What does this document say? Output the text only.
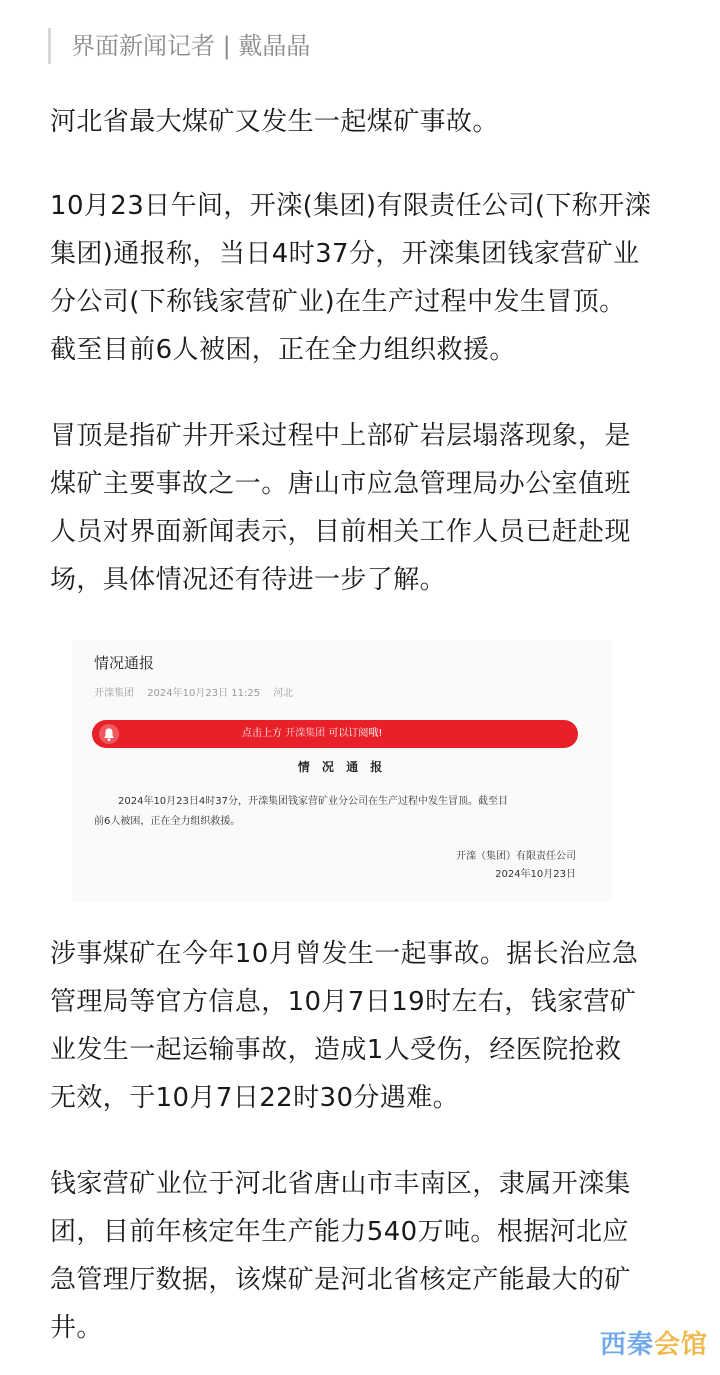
界面新闻记者 | 戴晶晶
河北省最大煤矿又发生一起煤矿事故。
10月23日午间，开滦(集团)有限责任公司(下称开滦
集团)通报称，当日4时37分，开滦集团钱家营矿业
分公司(下称钱家营矿业)在生产过程中发生冒顶。
截至目前6人被困，正在全力组织救援。
冒顶是指矿井开采过程中上部矿岩层塌落现象，是
煤矿主要事故之一。唐山市应急管理局办公室值班
人员对界面新闻表示，目前相关工作人员已赶赴现
场，具体情况还有待进一步了解。
情况通报
开滦集团 2024年10月23日 11:25 河北
点击上方 开滦集团 可以订阅哦!
情 况 通 报
2024年10月23日4时37分，开滦集团钱家营矿业分公司在生产过程中发生冒顶。截至目
前6人被困，正在全力组织救援。
开滦（集团）有限责任公司
2024年10月23日
涉事煤矿在今年10月曾发生一起事故。据长治应急
管理局等官方信息，10月7日19时左右，钱家营矿
业发生一起运输事故，造成1人受伤，经医院抢救
无效，于10月7日22时30分遇难。
钱家营矿业位于河北省唐山市丰南区，隶属开滦集
团，目前年核定年生产能力540万吨。根据河北应
急管理厅数据，该煤矿是河北省核定产能最大的矿
井。
西秦会馆
